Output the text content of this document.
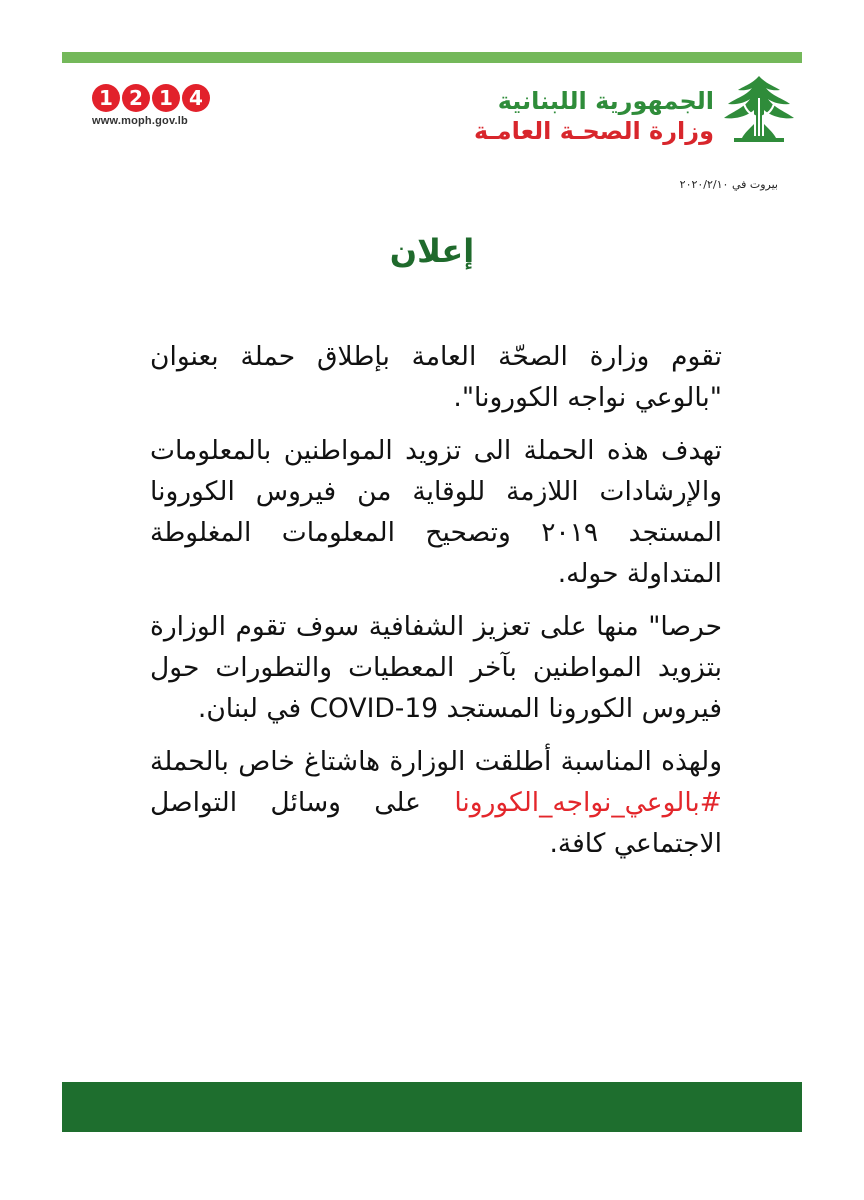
1 2 1 4
www.moph.gov.lb
الجمهورية اللبنانية
وزارة الصحـة العامـة
بيروت في ٢٠٢٠/٢/١٠
إعلان

تقوم وزارة الصحّة العامة بإطلاق حملة بعنوان "بالوعي نواجه الكورونا".

تهدف هذه الحملة الى تزويد المواطنين بالمعلومات والإرشادات اللازمة للوقاية من فيروس الكورونا المستجد ٢٠١٩ وتصحيح المعلومات المغلوطة المتداولة حوله.

حرصا" منها على تعزيز الشفافية سوف تقوم الوزارة بتزويد المواطنين بآخر المعطيات والتطورات حول فيروس الكورونا المستجد COVID-19 في لبنان.

ولهذه المناسبة أطلقت الوزارة هاشتاغ خاص بالحملة #بالوعي_نواجه_الكورونا على وسائل التواصل الاجتماعي كافة.
